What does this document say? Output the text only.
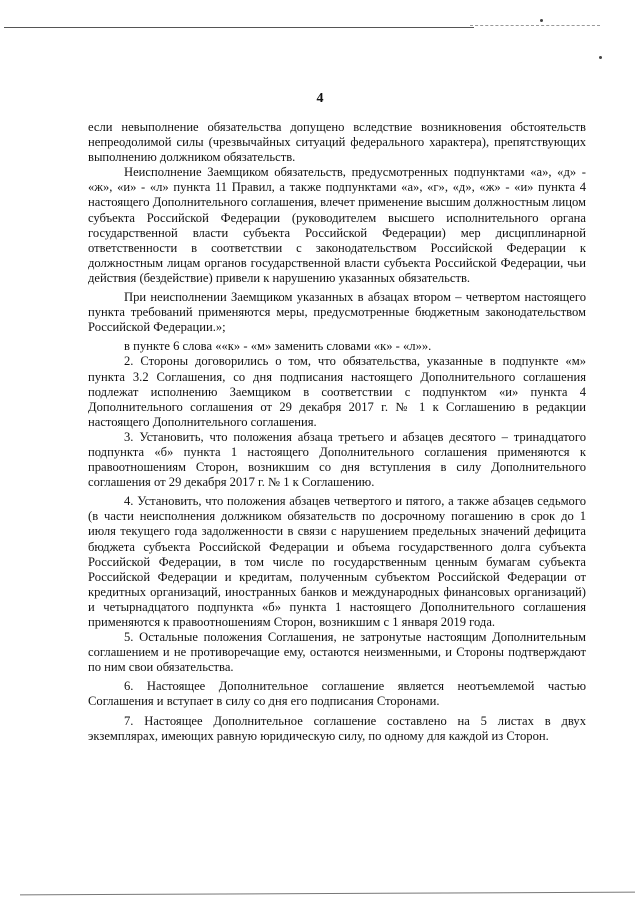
4

если невыполнение обязательства допущено вследствие возникновения обстоятельств непреодолимой силы (чрезвычайных ситуаций федерального характера), препятствующих выполнению должником обязательств.

Неисполнение Заемщиком обязательств, предусмотренных подпунктами «а», «д» - «ж», «и» - «л» пункта 11 Правил, а также подпунктами «а», «г», «д», «ж» - «и» пункта 4 настоящего Дополнительного соглашения, влечет применение высшим должностным лицом субъекта Российской Федерации (руководителем высшего исполнительного органа государственной власти субъекта Российской Федерации) мер дисциплинарной ответственности в соответствии с законодательством Российской Федерации к должностным лицам органов государственной власти субъекта Российской Федерации, чьи действия (бездействие) привели к нарушению указанных обязательств.

При неисполнении Заемщиком указанных в абзацах втором – четвертом настоящего пункта требований применяются меры, предусмотренные бюджетным законодательством Российской Федерации.»;

в пункте 6 слова ««к» - «м» заменить словами «к» - «л»».

2. Стороны договорились о том, что обязательства, указанные в подпункте «м» пункта 3.2 Соглашения, со дня подписания настоящего Дополнительного соглашения подлежат исполнению Заемщиком в соответствии с подпунктом «и» пункта 4 Дополнительного соглашения от 29 декабря 2017 г. № 1 к Соглашению в редакции настоящего Дополнительного соглашения.

3. Установить, что положения абзаца третьего и абзацев десятого – тринадцатого подпункта «б» пункта 1 настоящего Дополнительного соглашения применяются к правоотношениям Сторон, возникшим со дня вступления в силу Дополнительного соглашения от 29 декабря 2017 г. № 1 к Соглашению.

4. Установить, что положения абзацев четвертого и пятого, а также абзацев седьмого (в части неисполнения должником обязательств по досрочному погашению в срок до 1 июля текущего года задолженности в связи с нарушением предельных значений дефицита бюджета субъекта Российской Федерации и объема государственного долга субъекта Российской Федерации, в том числе по государственным ценным бумагам субъекта Российской Федерации и кредитам, полученным субъектом Российской Федерации от кредитных организаций, иностранных банков и международных финансовых организаций) и четырнадцатого подпункта «б» пункта 1 настоящего Дополнительного соглашения применяются к правоотношениям Сторон, возникшим с 1 января 2019 года.

5. Остальные положения Соглашения, не затронутые настоящим Дополнительным соглашением и не противоречащие ему, остаются неизменными, и Стороны подтверждают по ним свои обязательства.

6. Настоящее Дополнительное соглашение является неотъемлемой частью Соглашения и вступает в силу со дня его подписания Сторонами.

7. Настоящее Дополнительное соглашение составлено на 5 листах в двух экземплярах, имеющих равную юридическую силу, по одному для каждой из Сторон.
